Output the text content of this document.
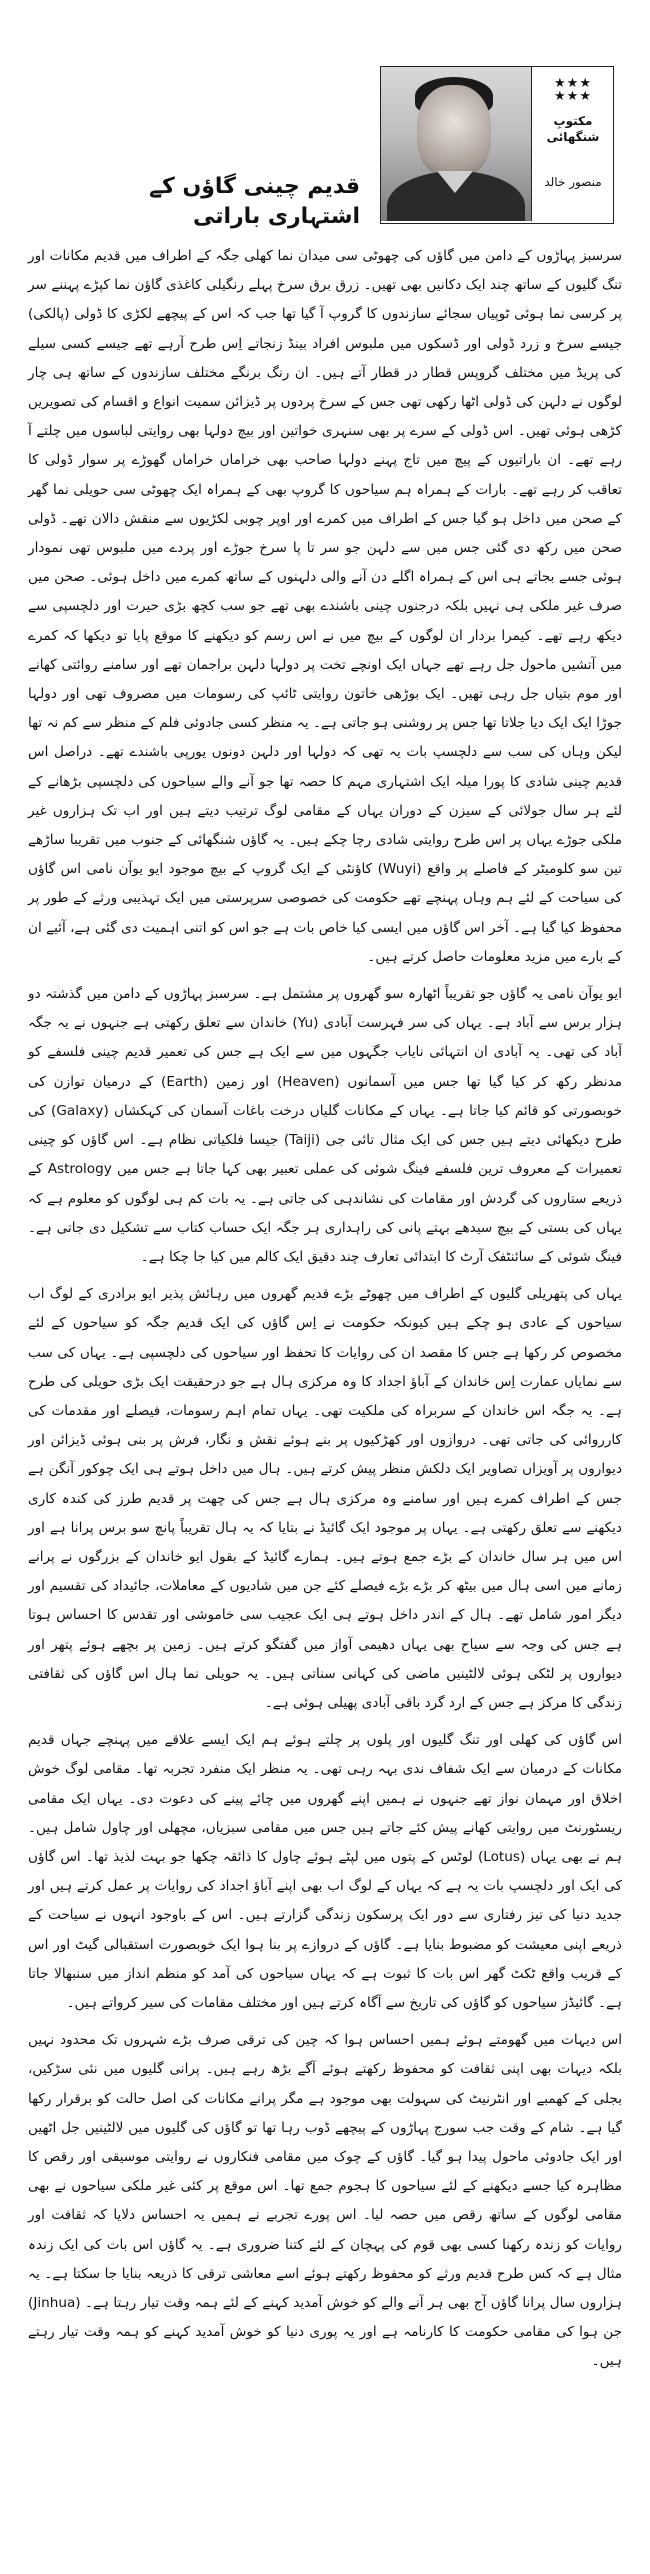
★★★
★★★
مکتوبِ شنگھائی
منصور خالد
قدیم چینی گاؤں کے اشتہاری باراتی

سرسبز پہاڑوں کے دامن میں گاؤں کی چھوٹی سی میدان نما کھلی جگہ کے اطراف میں قدیم مکانات اور تنگ گلیوں کے ساتھ چند ایک دکانیں بھی تھیں۔ زرق برق سرخ پہلے رنگیلی کاغذی گاؤن نما کپڑے پہننے سر پر کرسی نما ہوئی ٹوپیاں سجائے سازندوں کا گروپ آ گیا تھا جب کہ اس کے پیچھے لکڑی کا ڈولی (پالکی) جیسے سرخ و زرد ڈولی اور ڈسکوں میں ملبوس افراد بینڈ زنجاتے اِس طرح آرہے تھے جیسے کسی سیلے کی پریڈ میں مختلف گروپس قطار در قطار آتے ہیں۔ ان رنگ برنگے مختلف سازندوں کے ساتھ ہی چار لوگوں نے دلہن کی ڈولی اٹھا رکھی تھی جس کے سرخ پردوں پر ڈیزائن سمیت انواع و اقسام کی تصویریں کڑھی ہوئی تھیں۔ اس ڈولی کے سرے پر بھی سنہری خواتین اور بیچ دولہا بھی روایتی لباسوں میں چلتے آ رہے تھے۔ ان باراتیوں کے پیچ میں تاج پہنے دولہا صاحب بھی خراماں خراماں گھوڑے پر سوار ڈولی کا تعاقب کر رہے تھے۔ بارات کے ہمراہ ہم سیاحوں کا گروپ بھی کے ہمراہ ایک چھوٹی سی حویلی نما گھر کے صحن میں داخل ہو گیا جس کے اطراف میں کمرے اور اوپر چوبی لکڑیوں سے منقش دالان تھے۔ ڈولی صحن میں رکھ دی گئی جس میں سے دلہن جو سر تا پا سرخ جوڑے اور پردے میں ملبوس تھی نمودار ہوئی جسے بجاتے ہی اس کے ہمراہ اگلے دن آنے والی دلہنوں کے ساتھ کمرے میں داخل ہوئی۔ صحن میں صرف غیر ملکی ہی نہیں بلکہ درجنوں چینی باشندے بھی تھے جو سب کچھ بڑی حیرت اور دلچسپی سے دیکھ رہے تھے۔ کیمرا بردار ان لوگوں کے بیچ میں نے اس رسم کو دیکھنے کا موقع پایا تو دیکھا کہ کمرے میں آتشیں ماحول جل رہے تھے جہاں ایک اونچے تخت پر دولہا دلہن براجمان تھے اور سامنے روائتی کھانے اور موم بتیاں جل رہی تھیں۔ ایک بوڑھی خاتون روایتی ٹائپ کی رسومات میں مصروف تھی اور دولہا جوڑا ایک ایک دیا جلاتا تھا جس پر روشنی ہو جاتی ہے۔ یہ منظر کسی جادوئی فلم کے منظر سے کم نہ تھا لیکن وہاں کی سب سے دلچسپ بات یہ تھی کہ دولہا اور دلہن دونوں یورپی باشندے تھے۔ دراصل اس قدیم چینی شادی کا پورا میلہ ایک اشتہاری مہم کا حصہ تھا جو آنے والے سیاحوں کی دلچسپی بڑھانے کے لئے ہر سال جولائی کے سیزن کے دوران یہاں کے مقامی لوگ ترتیب دیتے ہیں اور اب تک ہزاروں غیر ملکی جوڑے یہاں پر اس طرح روایتی شادی رچا چکے ہیں۔ یہ گاؤں شنگھائی کے جنوب میں تقریبا ساڑھے تین سو کلومیٹر کے فاصلے پر واقع (Wuyi) کاؤنٹی کے ایک گروپ کے بیچ موجود ایو یوآن نامی اس گاؤں کی سیاحت کے لئے ہم وہاں پہنچے تھے حکومت کی خصوصی سرپرستی میں ایک تہذیبی ورثے کے طور پر محفوظ کیا گیا ہے۔ آخر اس گاؤں میں ایسی کیا خاص بات ہے جو اس کو اتنی اہمیت دی گئی ہے، آئیے ان کے بارے میں مزید معلومات حاصل کرتے ہیں۔

ایو یوآن نامی یہ گاؤں جو تقریباً اٹھارہ سو گھروں پر مشتمل ہے۔ سرسبز پہاڑوں کے دامن میں گذشتہ دو ہزار برس سے آباد ہے۔ یہاں کی سر فہرست آبادی (Yu) خاندان سے تعلق رکھتی ہے جنہوں نے یہ جگہ آباد کی تھی۔ یہ آبادی ان انتہائی نایاب جگہوں میں سے ایک ہے جس کی تعمیر قدیم چینی فلسفے کو مدنظر رکھ کر کیا گیا تھا جس میں آسمانوں (Heaven) اور زمین (Earth) کے درمیان توازن کی خوبصورتی کو قائم کیا جاتا ہے۔ یہاں کے مکانات گلیاں درخت باغات آسمان کی کہکشاں (Galaxy) کی طرح دیکھائی دیتے ہیں جس کی ایک مثال تائی جی (Taiji) جیسا فلکیاتی نظام ہے۔ اس گاؤں کو چینی تعمیرات کے معروف ترین فلسفے فینگ شوئی کی عملی تعبیر بھی کہا جاتا ہے جس میں Astrology کے ذریعے ستاروں کی گردش اور مقامات کی نشاندہی کی جاتی ہے۔ یہ بات کم ہی لوگوں کو معلوم ہے کہ یہاں کی بستی کے بیچ سیدھے بہتے پانی کی راہداری ہر جگہ ایک حساب کتاب سے تشکیل دی جاتی ہے۔ فینگ شوئی کے سائنٹفک آرٹ کا ابتدائی تعارف چند دقیق ایک کالم میں کیا جا چکا ہے۔

یہاں کی پتھریلی گلیوں کے اطراف میں چھوٹے بڑے قدیم گھروں میں رہائش پذیر ایو برادری کے لوگ اب سیاحوں کے عادی ہو چکے ہیں کیونکہ حکومت نے اِس گاؤں کی ایک قدیم جگہ کو سیاحوں کے لئے مخصوص کر رکھا ہے جس کا مقصد ان کی روایات کا تحفظ اور سیاحوں کی دلچسپی ہے۔ یہاں کی سب سے نمایاں عمارت اِس خاندان کے آباؤ اجداد کا وہ مرکزی ہال ہے جو درحقیقت ایک بڑی حویلی کی طرح ہے۔ یہ جگہ اس خاندان کے سربراہ کی ملکیت تھی۔ یہاں تمام اہم رسومات، فیصلے اور مقدمات کی کارروائی کی جاتی تھی۔ دروازوں اور کھڑکیوں پر بنے ہوئے نقش و نگار، فرش پر بنی ہوئی ڈیزائن اور دیواروں پر آویزاں تصاویر ایک دلکش منظر پیش کرتے ہیں۔ ہال میں داخل ہوتے ہی ایک چوکور آنگن ہے جس کے اطراف کمرے ہیں اور سامنے وہ مرکزی ہال ہے جس کی چھت پر قدیم طرز کی کندہ کاری دیکھنے سے تعلق رکھتی ہے۔ یہاں پر موجود ایک گائیڈ نے بتایا کہ یہ ہال تقریباً پانچ سو برس پرانا ہے اور اس میں ہر سال خاندان کے بڑے جمع ہوتے ہیں۔ ہمارے گائیڈ کے بقول ایو خاندان کے بزرگوں نے پرانے زمانے میں اسی ہال میں بیٹھ کر بڑے بڑے فیصلے کئے جن میں شادیوں کے معاملات، جائیداد کی تقسیم اور دیگر امور شامل تھے۔ ہال کے اندر داخل ہوتے ہی ایک عجیب سی خاموشی اور تقدس کا احساس ہوتا ہے جس کی وجہ سے سیاح بھی یہاں دھیمی آواز میں گفتگو کرتے ہیں۔ زمین پر بچھے ہوئے پتھر اور دیواروں پر لٹکی ہوئی لالٹینیں ماضی کی کہانی سناتی ہیں۔ یہ حویلی نما ہال اس گاؤں کی ثقافتی زندگی کا مرکز ہے جس کے ارد گرد باقی آبادی پھیلی ہوئی ہے۔

اس گاؤں کی کھلی اور تنگ گلیوں اور پلوں پر چلتے ہوئے ہم ایک ایسے علاقے میں پہنچے جہاں قدیم مکانات کے درمیان سے ایک شفاف ندی بہہ رہی تھی۔ یہ منظر ایک منفرد تجربہ تھا۔ مقامی لوگ خوش اخلاق اور مہمان نواز تھے جنہوں نے ہمیں اپنے گھروں میں چائے پینے کی دعوت دی۔ یہاں ایک مقامی ریسٹورنٹ میں روایتی کھانے پیش کئے جاتے ہیں جس میں مقامی سبزیاں، مچھلی اور چاول شامل ہیں۔ ہم نے بھی یہاں (Lotus) لوٹس کے پتوں میں لپٹے ہوئے چاول کا ذائقہ چکھا جو بہت لذیذ تھا۔ اس گاؤں کی ایک اور دلچسپ بات یہ ہے کہ یہاں کے لوگ اب بھی اپنے آباؤ اجداد کی روایات پر عمل کرتے ہیں اور جدید دنیا کی تیز رفتاری سے دور ایک پرسکون زندگی گزارتے ہیں۔ اس کے باوجود انہوں نے سیاحت کے ذریعے اپنی معیشت کو مضبوط بنایا ہے۔ گاؤں کے دروازے پر بنا ہوا ایک خوبصورت استقبالی گیٹ اور اس کے قریب واقع ٹکٹ گھر اس بات کا ثبوت ہے کہ یہاں سیاحوں کی آمد کو منظم انداز میں سنبھالا جاتا ہے۔ گائیڈز سیاحوں کو گاؤں کی تاریخ سے آگاہ کرتے ہیں اور مختلف مقامات کی سیر کرواتے ہیں۔

اس دیہات میں گھومتے ہوئے ہمیں احساس ہوا کہ چین کی ترقی صرف بڑے شہروں تک محدود نہیں بلکہ دیہات بھی اپنی ثقافت کو محفوظ رکھتے ہوئے آگے بڑھ رہے ہیں۔ پرانی گلیوں میں نئی سڑکیں، بجلی کے کھمبے اور انٹرنیٹ کی سہولت بھی موجود ہے مگر پرانے مکانات کی اصل حالت کو برقرار رکھا گیا ہے۔ شام کے وقت جب سورج پہاڑوں کے پیچھے ڈوب رہا تھا تو گاؤں کی گلیوں میں لالٹینیں جل اٹھیں اور ایک جادوئی ماحول پیدا ہو گیا۔ گاؤں کے چوک میں مقامی فنکاروں نے روایتی موسیقی اور رقص کا مظاہرہ کیا جسے دیکھنے کے لئے سیاحوں کا ہجوم جمع تھا۔ اس موقع پر کئی غیر ملکی سیاحوں نے بھی مقامی لوگوں کے ساتھ رقص میں حصہ لیا۔ اس پورے تجربے نے ہمیں یہ احساس دلایا کہ ثقافت اور روایات کو زندہ رکھنا کسی بھی قوم کی پہچان کے لئے کتنا ضروری ہے۔ یہ گاؤں اس بات کی ایک زندہ مثال ہے کہ کس طرح قدیم ورثے کو محفوظ رکھتے ہوئے اسے معاشی ترقی کا ذریعہ بنایا جا سکتا ہے۔ یہ ہزاروں سال پرانا گاؤں آج بھی ہر آنے والے کو خوش آمدید کہنے کے لئے ہمہ وقت تیار رہتا ہے۔ (Jinhua) جن ہوا کی مقامی حکومت کا کارنامہ ہے اور یہ پوری دنیا کو خوش آمدید کہنے کو ہمہ وقت تیار رہتے ہیں۔
